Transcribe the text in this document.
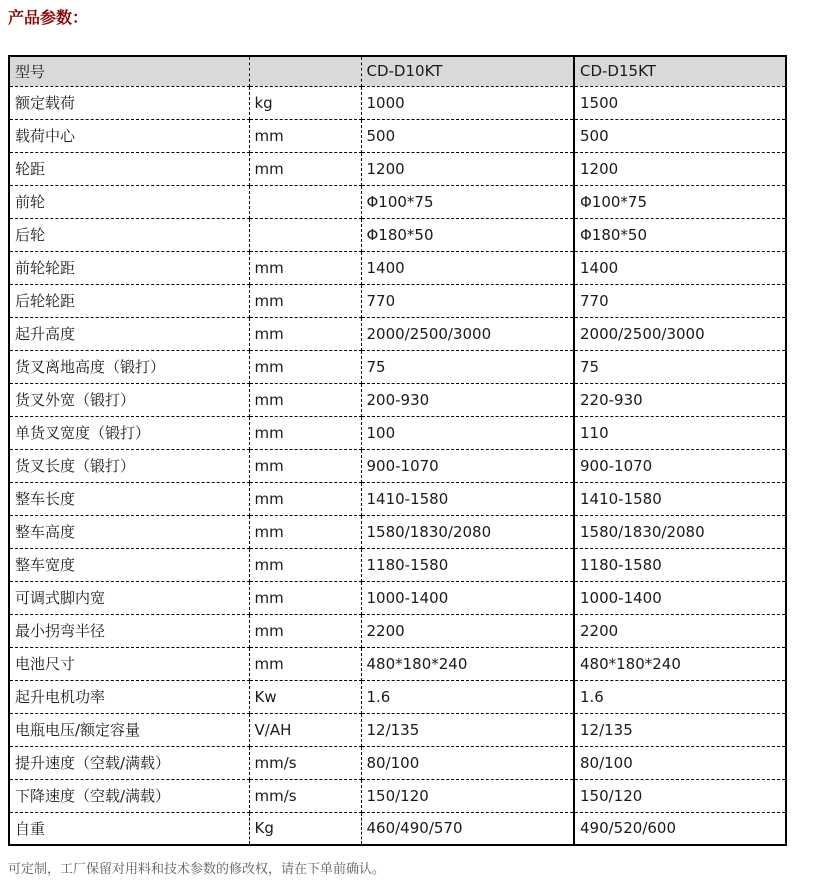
产品参数：
型号		CD-D10KT	CD-D15KT
额定载荷	kg	1000	1500
载荷中心	mm	500	500
轮距	mm	1200	1200
前轮		Φ100*75	Φ100*75
后轮		Φ180*50	Φ180*50
前轮轮距	mm	1400	1400
后轮轮距	mm	770	770
起升高度	mm	2000/2500/3000	2000/2500/3000
货叉离地高度（锻打）	mm	75	75
货叉外宽（锻打）	mm	200-930	220-930
单货叉宽度（锻打）	mm	100	110
货叉长度（锻打）	mm	900-1070	900-1070
整车长度	mm	1410-1580	1410-1580
整车高度	mm	1580/1830/2080	1580/1830/2080
整车宽度	mm	1180-1580	1180-1580
可调式脚内宽	mm	1000-1400	1000-1400
最小拐弯半径	mm	2200	2200
电池尺寸	mm	480*180*240	480*180*240
起升电机功率	Kw	1.6	1.6
电瓶电压/额定容量	V/AH	12/135	12/135
提升速度（空载/满载）	mm/s	80/100	80/100
下降速度（空载/满载）	mm/s	150/120	150/120
自重	Kg	460/490/570	490/520/600

可定制，工厂保留对用料和技术参数的修改权，请在下单前确认。
